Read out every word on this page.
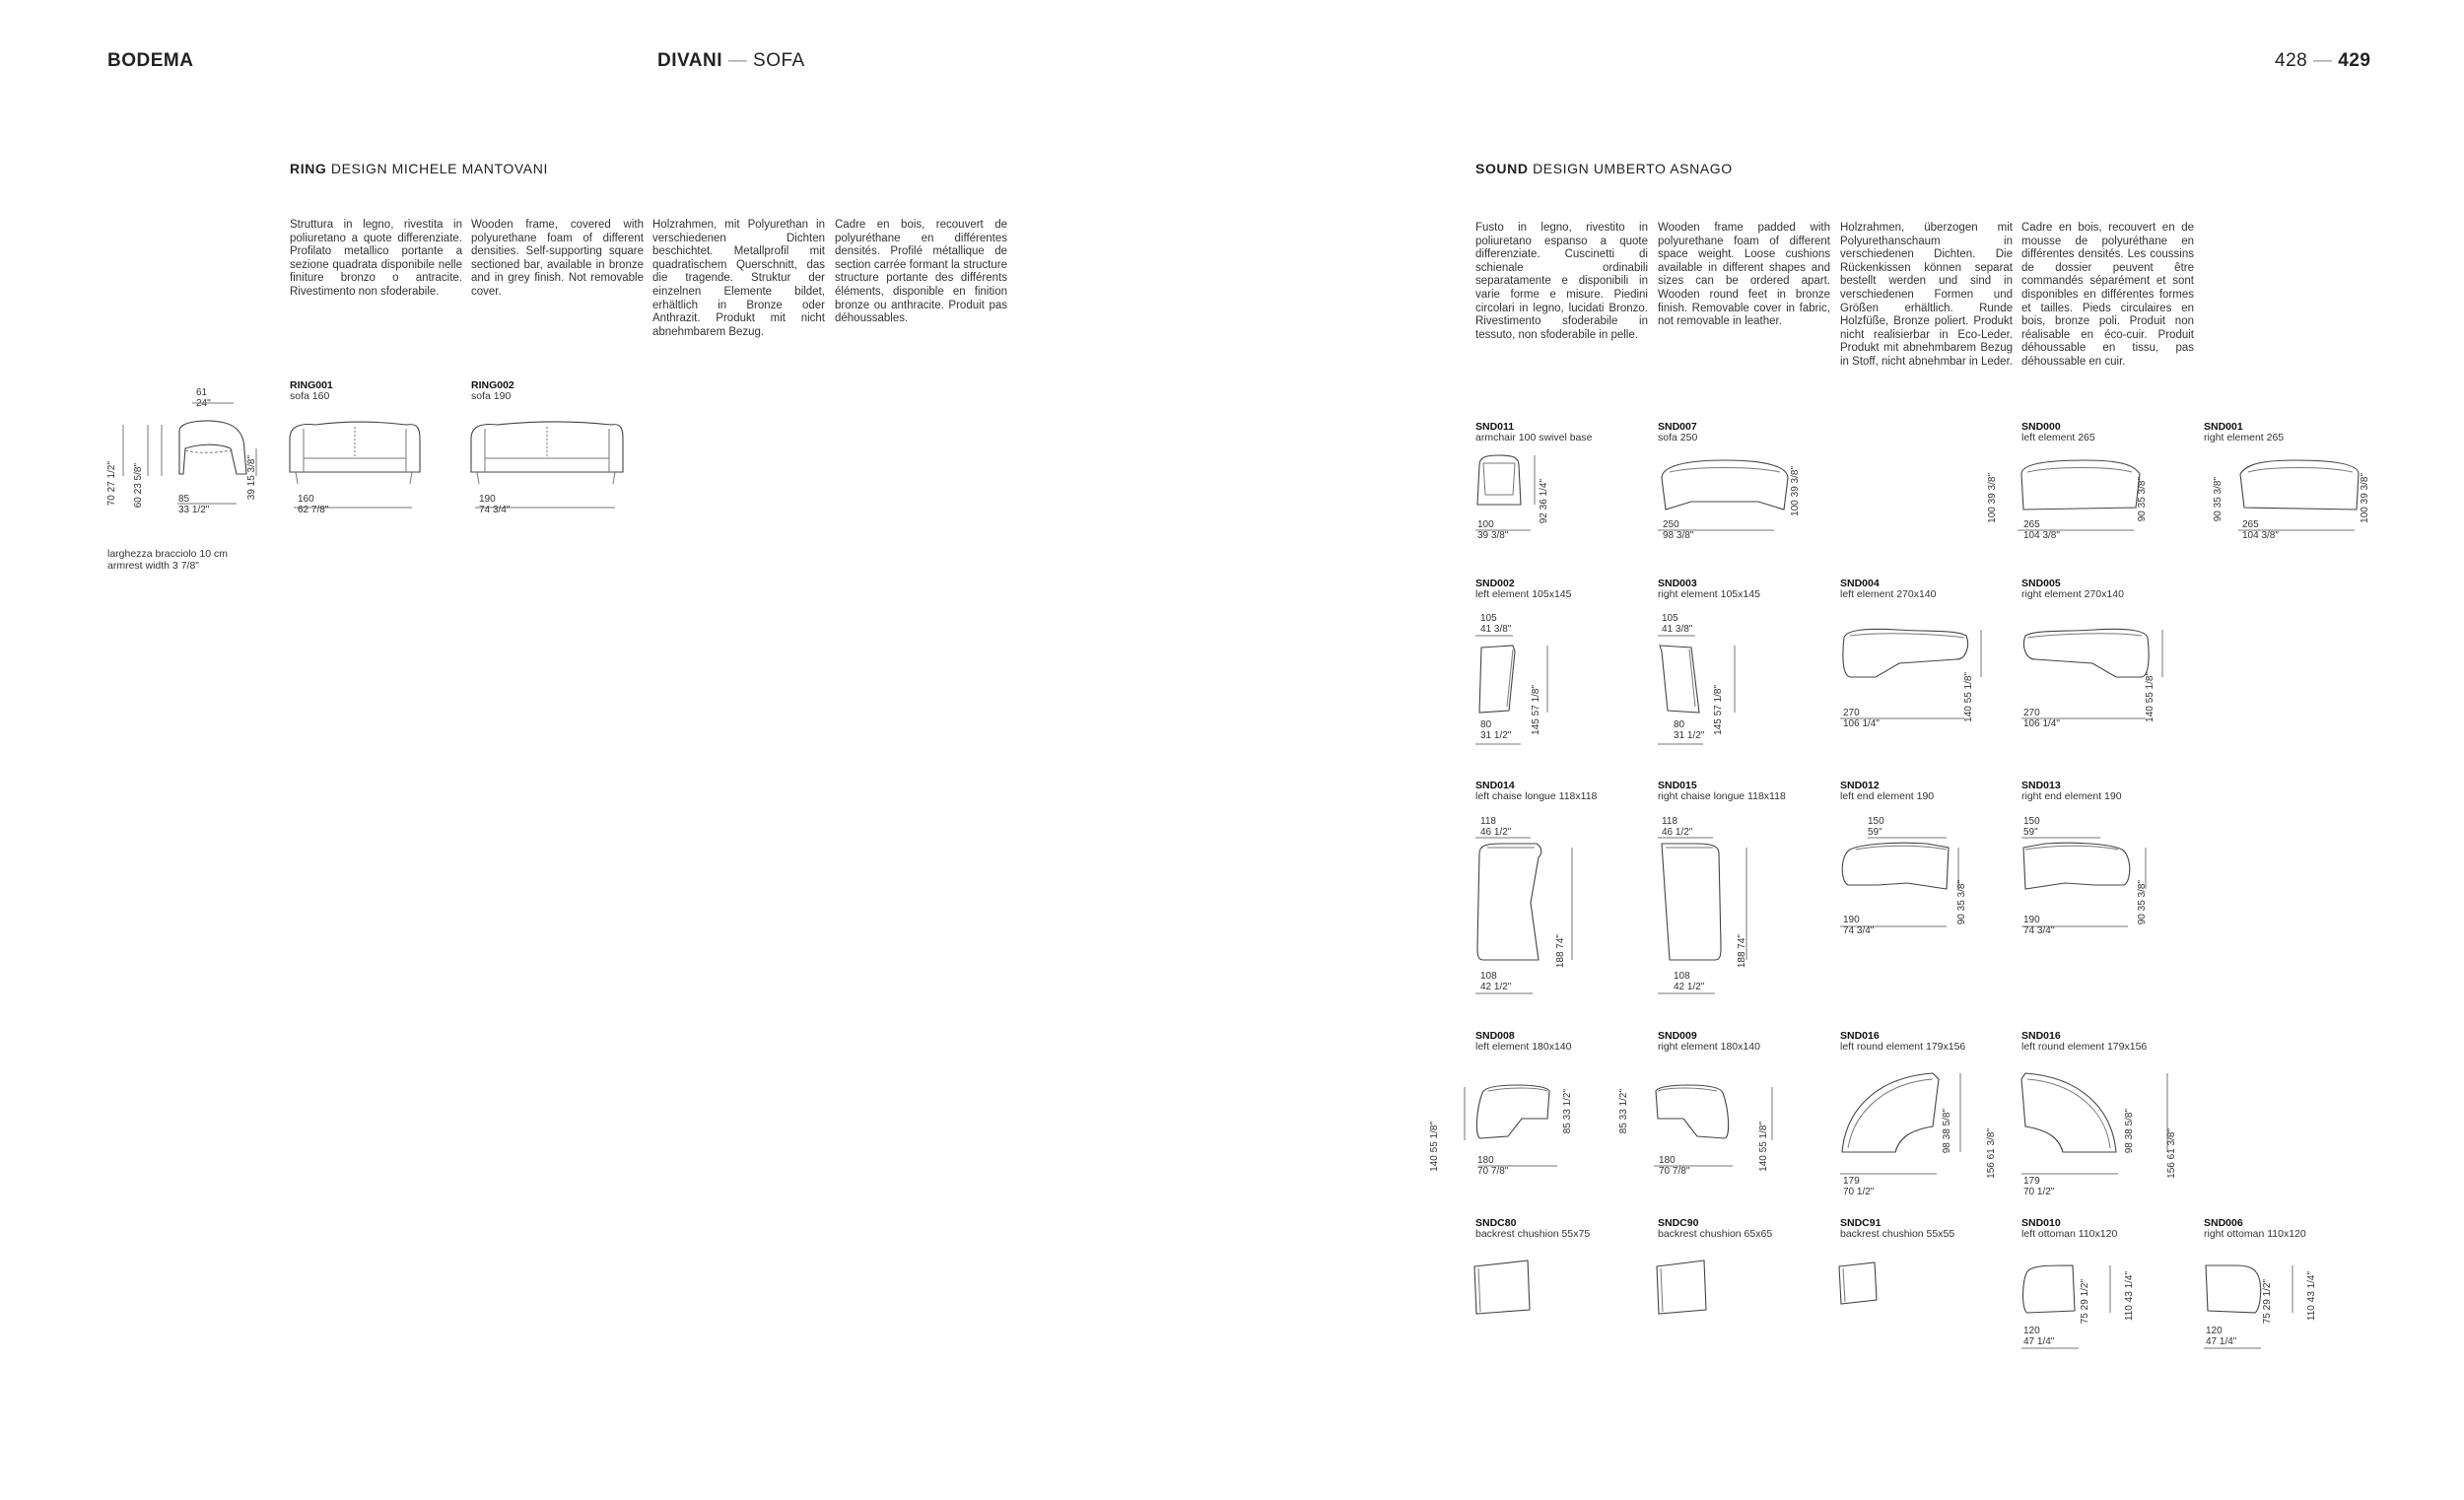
BODEMA	DIVANI — SOFA	428 — 429
RING DESIGN MICHELE MANTOVANI
Struttura in legno, rivestita in poliuretano a quote differenziate. Profilato metallico portante a sezione quadrata disponibile nelle finiture bronzo o antracite. Rivestimento non sfoderabile.
Wooden frame, covered with polyurethane foam of different densities. Self-supporting square sectioned bar, available in bronze and in grey finish. Not removable cover.
Holzrahmen, mit Polyurethan in verschiedenen Dichten beschichtet. Metallprofil mit quadratischem Querschnitt, das die tragende. Struktur der einzelnen Elemente bildet, erhältlich in Bronze oder Anthrazit. Produkt mit nicht abnehmbarem Bezug.
Cadre en bois, recouvert de polyuréthane en différentes densités. Profilé métallique de section carrée formant la structure structure portante des différents éléments, disponible en finition bronze ou anthracite. Produit pas déhoussables.
61
24"
70 27 1/2"
60 23 5/8"
39 15 3/8"
85
33 1/2"
RING001
sofa 160
160
62 7/8"
RING002
sofa 190
190
74 3/4"
larghezza bracciolo 10 cm
armrest width 3 7/8"
SOUND DESIGN UMBERTO ASNAGO
Fusto in legno, rivestito in poliuretano espanso a quote differenziate. Cuscinetti di schienale ordinabili separatamente e disponibili in varie forme e misure. Piedini circolari in legno, lucidati Bronzo. Rivestimento sfoderabile in tessuto, non sfoderabile in pelle.
Wooden frame padded with polyurethane foam of different space weight. Loose cushions available in different shapes and sizes can be ordered apart. Wooden round feet in bronze finish. Removable cover in fabric, not removable in leather.
Holzrahmen, überzogen mit Polyurethanschaum in verschiedenen Dichten. Die Rückenkissen können separat bestellt werden und sind in verschiedenen Formen und Größen erhältlich. Runde Holzfüße, Bronze poliert. Produkt nicht realisierbar in Eco-Leder. Produkt mit abnehmbarem Bezug in Stoff, nicht abnehmbar in Leder.
Cadre en bois, recouvert en de mousse de polyuréthane en différentes densités. Les coussins de dossier peuvent être commandés séparément et sont disponibles en différentes formes et tailles. Pieds circulaires en bois, bronze poli. Produit non réalisable en éco-cuir. Produit déhoussable en tissu, pas déhoussable en cuir.
SND011
armchair 100 swivel base
92 36 1/4"
100
39 3/8"
SND007
sofa 250
100 39 3/8"
250
98 3/8"
SND000
left element 265
100 39 3/8"
90 35 3/8"
265
104 3/8"
SND001
right element 265
90 35 3/8"
100 39 3/8"
265
104 3/8"
SND002
left element 105x145
105
41 3/8"
145 57 1/8"
80
31 1/2"
SND003
right element 105x145
105
41 3/8"
145 57 1/8"
80
31 1/2"
SND004
left element 270x140
140 55 1/8"
270
106 1/4"
SND005
right element 270x140
140 55 1/8"
270
106 1/4"
SND014
left chaise longue 118x118
118
46 1/2"
188 74"
108
42 1/2"
SND015
right chaise longue 118x118
118
46 1/2"
188 74"
108
42 1/2"
SND012
left end element 190
150
59"
90 35 3/8"
190
74 3/4"
SND013
right end element 190
150
59"
90 35 3/8"
190
74 3/4"
SND008
left element 180x140
140 55 1/8"	85 33 1/2"
180
70 7/8"
SND009
right element 180x140
85 33 1/2"
140 55 1/8"
180
70 7/8"
SND016
left round element 179x156
98 38 5/8"
156 61 3/8"
179
70 1/2"
SND016
left round element 179x156
98 38 5/8"
156 61 3/8"
179
70 1/2"
SNDC80
backrest chushion 55x75
SNDC90
backrest chushion 65x65
SNDC91
backrest chushion 55x55
SND010
left ottoman 110x120
75 29 1/2"
110 43 1/4"
120
47 1/4"
SND006
right ottoman 110x120
75 29 1/2"
110 43 1/4"
120
47 1/4"
